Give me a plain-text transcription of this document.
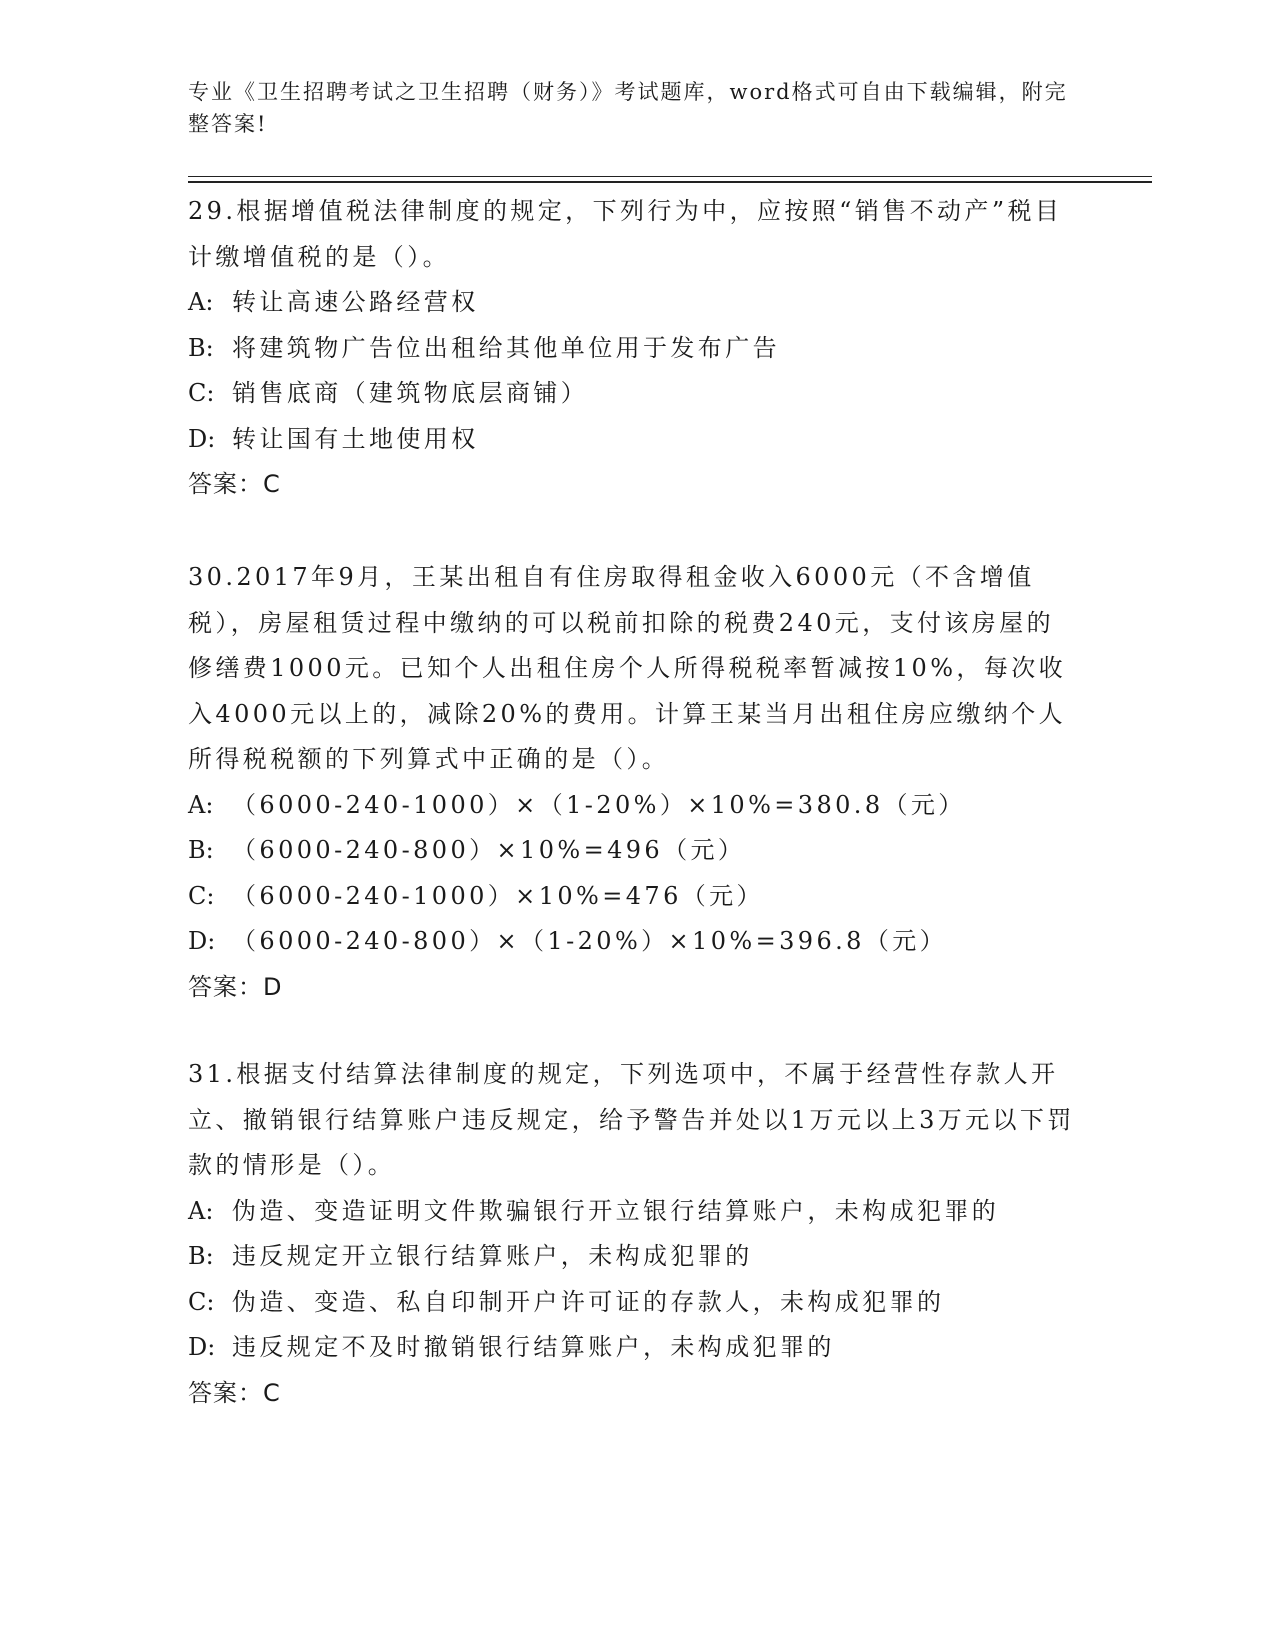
专业《卫生招聘考试之卫生招聘（财务）》考试题库，word格式可自由下载编辑，附完整答案!

29.根据增值税法律制度的规定，下列行为中，应按照“销售不动产”税目计缴增值税的是（）。

A: 转让高速公路经营权

B: 将建筑物广告位出租给其他单位用于发布广告

C: 销售底商（建筑物底层商铺）

D: 转让国有土地使用权

答案：C

30.2017年9月，王某出租自有住房取得租金收入6000元（不含增值税），房屋租赁过程中缴纳的可以税前扣除的税费240元，支付该房屋的修缮费1000元。已知个人出租住房个人所得税税率暂减按10%，每次收入4000元以上的，减除20%的费用。计算王某当月出租住房应缴纳个人所得税税额的下列算式中正确的是（）。

A: （6000-240-1000）×（1-20%）×10%=380.8（元）

B: （6000-240-800）×10%=496（元）

C: （6000-240-1000）×10%=476（元）

D: （6000-240-800）×（1-20%）×10%=396.8（元）

答案：D

31.根据支付结算法律制度的规定，下列选项中，不属于经营性存款人开立、撤销银行结算账户违反规定，给予警告并处以1万元以上3万元以下罚款的情形是（）。

A: 伪造、变造证明文件欺骗银行开立银行结算账户，未构成犯罪的

B: 违反规定开立银行结算账户，未构成犯罪的

C: 伪造、变造、私自印制开户许可证的存款人，未构成犯罪的

D: 违反规定不及时撤销银行结算账户，未构成犯罪的

答案：C
